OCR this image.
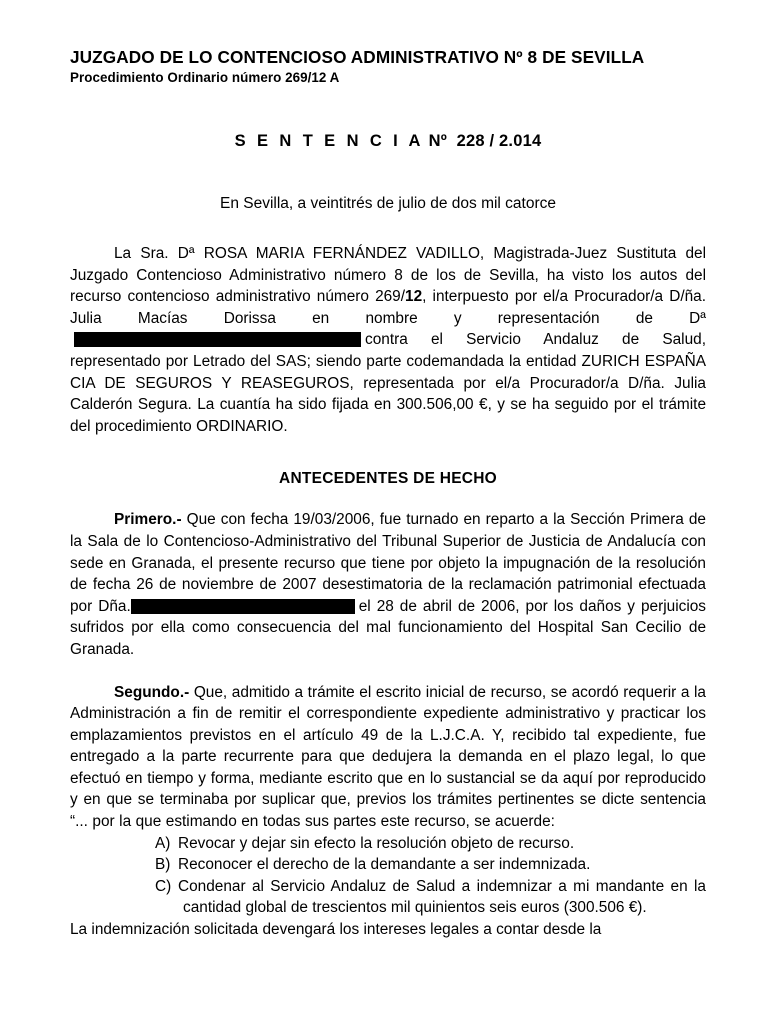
JUZGADO DE LO CONTENCIOSO ADMINISTRATIVO Nº 8 DE SEVILLA
Procedimiento Ordinario número 269/12 A
S E N T E N C I A Nº 228 / 2.014
En Sevilla, a veintitrés de julio de dos mil catorce

La Sra. Dª ROSA MARIA FERNÁNDEZ VADILLO, Magistrada-Juez Sustituta del Juzgado Contencioso Administrativo número 8 de los de Sevilla, ha visto los autos del recurso contencioso administrativo número 269/12, interpuesto por el/a Procurador/a D/ña. Julia Macías Dorissa en nombre y representación de Dªcontra el Servicio Andaluz de Salud, representado por Letrado del SAS; siendo parte codemandada la entidad ZURICH ESPAÑA CIA DE SEGUROS Y REASEGUROS, representada por el/a Procurador/a D/ña. Julia Calderón Segura. La cuantía ha sido fijada en 300.506,00 €, y se ha seguido por el trámite del procedimiento ORDINARIO.

ANTECEDENTES DE HECHO

Primero.- Que con fecha 19/03/2006, fue turnado en reparto a la Sección Primera de la Sala de lo Contencioso-Administrativo del Tribunal Superior de Justicia de Andalucía con sede en Granada, el presente recurso que tiene por objeto la impugnación de la resolución de fecha 26 de noviembre de 2007 desestimatoria de la reclamación patrimonial efectuada por Dña.	el 28 de abril de 2006, por los daños y perjuicios sufridos por ella como consecuencia del mal funcionamiento del Hospital San Cecilio de Granada.

Segundo.- Que, admitido a trámite el escrito inicial de recurso, se acordó requerir a la Administración a fin de remitir el correspondiente expediente administrativo y practicar los emplazamientos previstos en el artículo 49 de la L.J.C.A. Y, recibido tal expediente, fue entregado a la parte recurrente para que dedujera la demanda en el plazo legal, lo que efectuó en tiempo y forma, mediante escrito que en lo sustancial se da aquí por reproducido y en que se terminaba por suplicar que, previos los trámites pertinentes se dicte sentencia “... por la que estimando en todas sus partes este recurso, se acuerde:

A) Revocar y dejar sin efecto la resolución objeto de recurso.
B) Reconocer el derecho de la demandante a ser indemnizada.
C) Condenar al Servicio Andaluz de Salud a indemnizar a mi mandante en la cantidad global de trescientos mil quinientos seis euros (300.506 €).

La indemnización solicitada devengará los intereses legales a contar desde la
